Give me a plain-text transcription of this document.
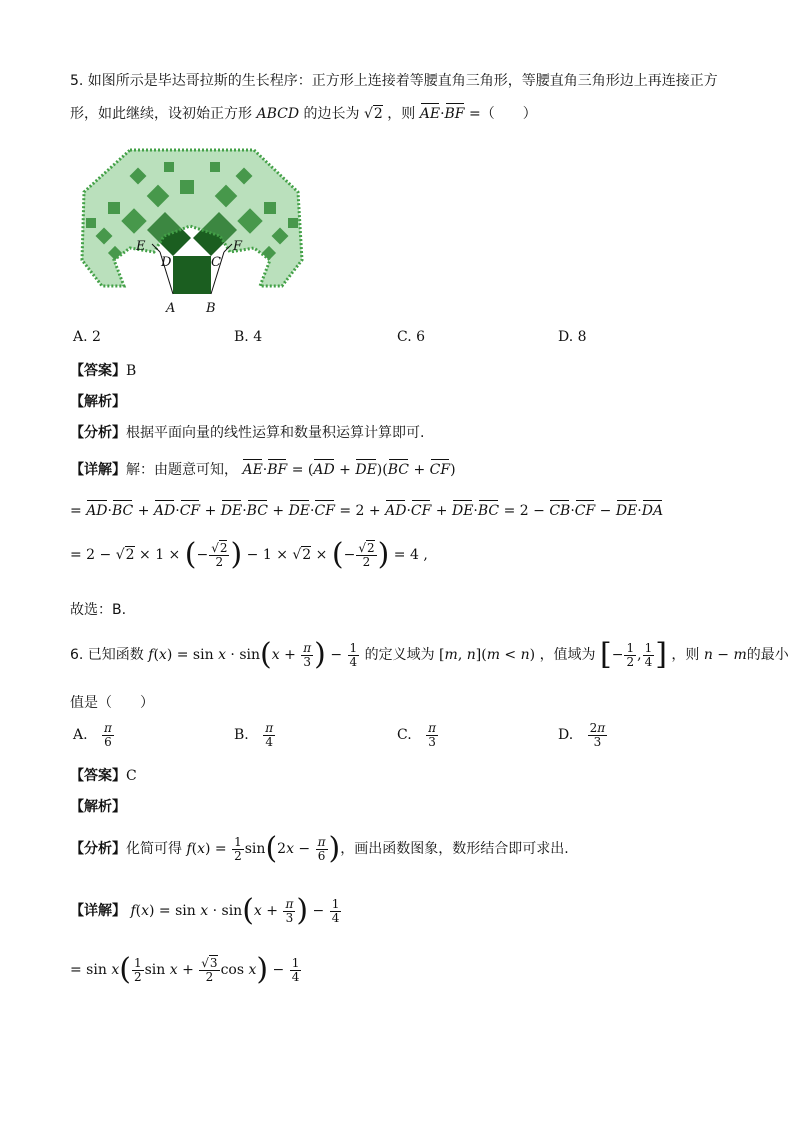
5. 如图所示是毕达哥拉斯的生长程序：正方形上连接着等腰直角三角形，等腰直角三角形边上再连接正方
形，如此继续，设初始正方形 ABCD 的边长为 √2 ，则 AE·BF =（　　）
E	F
D	C
A B
A. 2	B. 4	C. 6	D. 8
【答案】B
【解析】
【分析】根据平面向量的线性运算和数量积运算计算即可.
【详解】解：由题意可知， AE·BF = (AD + DE)(BC + CF)
= AD·BC + AD·CF + DE·BC + DE·CF = 2 + AD·CF + DE·BC = 2 − CB·CF − DE·DA
= 2 − √2 × 1 × (− $\frac{√2}{2}$ ) − 1 × √2 × (− $\frac{√2}{2}$ ) = 4 ,
故选：B.
6. 已知函数 $f(x) = \sin x \cdot \sin(x + \frac{\pi}{3}$ ) − $\frac{1}{4}$ 的定义域为 [m, n](m < n) ，值域为 [− $\frac{1}{2}$ , $\frac{1}{4}$ ] ，则 n − m的最小
值是（　　）
A. $\frac{\pi}{6}$	B. $\frac{\pi}{4}$	C. $\frac{\pi}{3}$	D. $\frac{2\pi}{3}$
【答案】C
【解析】
【分析】化简可得 $f(x) = \frac{1}{2} \sin(2x - \frac{\pi}{6}$ )，画出函数图象，数形结合即可求出.
【详解】 $f(x) = \sin x \cdot \sin(x + \frac{\pi}{3}$ ) − $\frac{1}{4}$
= $\sin x( \frac{1}{2}$ $\sin x + \frac{√3}{2}$ $\cos x) - \frac{1}{4}$
